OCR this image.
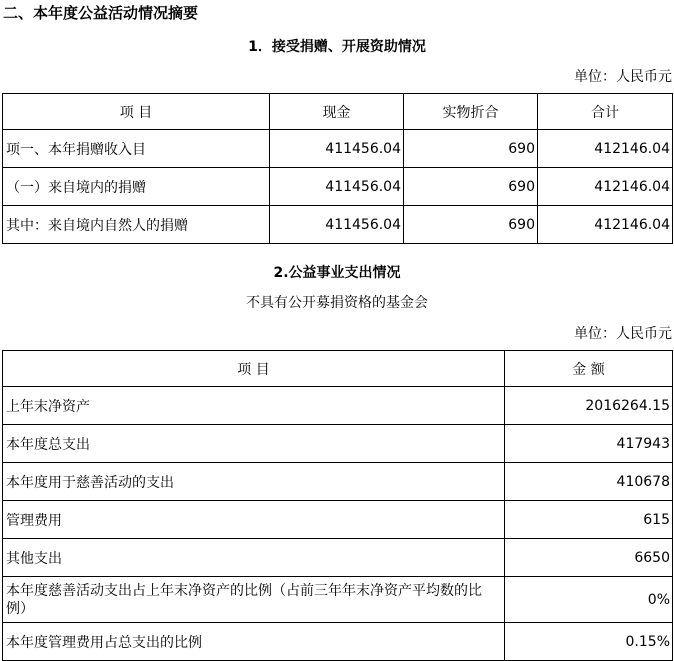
二、本年度公益活动情况摘要
1．接受捐赠、开展资助情况
单位：人民币元
项 目	现金	实物折合	合计
项一、本年捐赠收入目	411456.04	690	412146.04
（一）来自境内的捐赠	411456.04	690	412146.04
其中：来自境内自然人的捐赠	411456.04	690	412146.04
2.公益事业支出情况
不具有公开募捐资格的基金会
单位：人民币元
项 目	金 额
上年末净资产	2016264.15
本年度总支出	417943
本年度用于慈善活动的支出	410678
管理费用	615
其他支出	6650
本年度慈善活动支出占上年末净资产的比例（占前三年年末净资产平均数的比例）	0%
本年度管理费用占总支出的比例	0.15%
